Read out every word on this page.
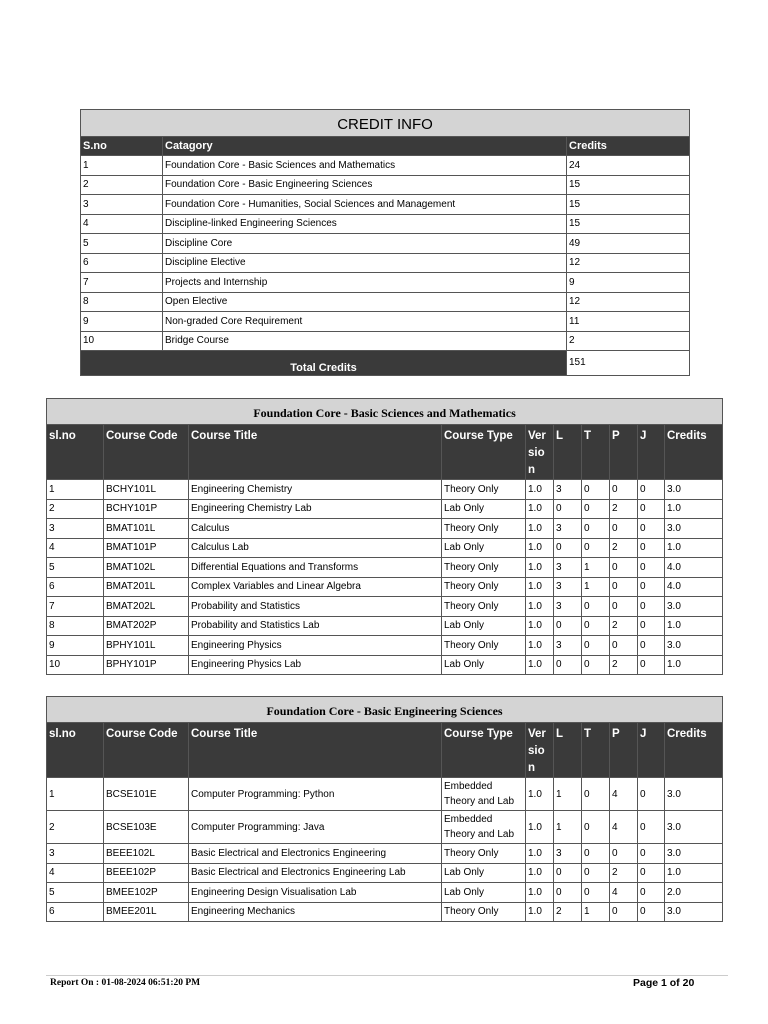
CREDIT INFO		
S.no	Catagory	Credits
1	Foundation Core - Basic Sciences and Mathematics	24
2	Foundation Core - Basic Engineering Sciences	15
3	Foundation Core - Humanities, Social Sciences and Management	15
4	Discipline-linked Engineering Sciences	15
5	Discipline Core	49
6	Discipline Elective	12
7	Projects and Internship	9
8	Open Elective	12
9	Non-graded Core Requirement	11
10	Bridge Course	2
Total Credits		151
Foundation Core - Basic Sciences and Mathematics									
sl.no	Course Code	Course Title	Course Type	Version	L	T	P	J	Credits
1	BCHY101L	Engineering Chemistry	Theory Only	1.0	3	0	0	0	3.0
2	BCHY101P	Engineering Chemistry Lab	Lab Only	1.0	0	0	2	0	1.0
3	BMAT101L	Calculus	Theory Only	1.0	3	0	0	0	3.0
4	BMAT101P	Calculus Lab	Lab Only	1.0	0	0	2	0	1.0
5	BMAT102L	Differential Equations and Transforms	Theory Only	1.0	3	1	0	0	4.0
6	BMAT201L	Complex Variables and Linear Algebra	Theory Only	1.0	3	1	0	0	4.0
7	BMAT202L	Probability and Statistics	Theory Only	1.0	3	0	0	0	3.0
8	BMAT202P	Probability and Statistics Lab	Lab Only	1.0	0	0	2	0	1.0
9	BPHY101L	Engineering Physics	Theory Only	1.0	3	0	0	0	3.0
10	BPHY101P	Engineering Physics Lab	Lab Only	1.0	0	0	2	0	1.0
Foundation Core - Basic Engineering Sciences									
sl.no	Course Code	Course Title	Course Type	Version	L	T	P	J	Credits
1	BCSE101E	Computer Programming: Python	Embedded Theory and Lab	1.0	1	0	4	0	3.0
2	BCSE103E	Computer Programming: Java	Embedded Theory and Lab	1.0	1	0	4	0	3.0
3	BEEE102L	Basic Electrical and Electronics Engineering	Theory Only	1.0	3	0	0	0	3.0
4	BEEE102P	Basic Electrical and Electronics Engineering Lab	Lab Only	1.0	0	0	2	0	1.0
5	BMEE102P	Engineering Design Visualisation Lab	Lab Only	1.0	0	0	4	0	2.0
6	BMEE201L	Engineering Mechanics	Theory Only	1.0	2	1	0	0	3.0
Report On : 01-08-2024 06:51:20 PM	Page 1 of 20
